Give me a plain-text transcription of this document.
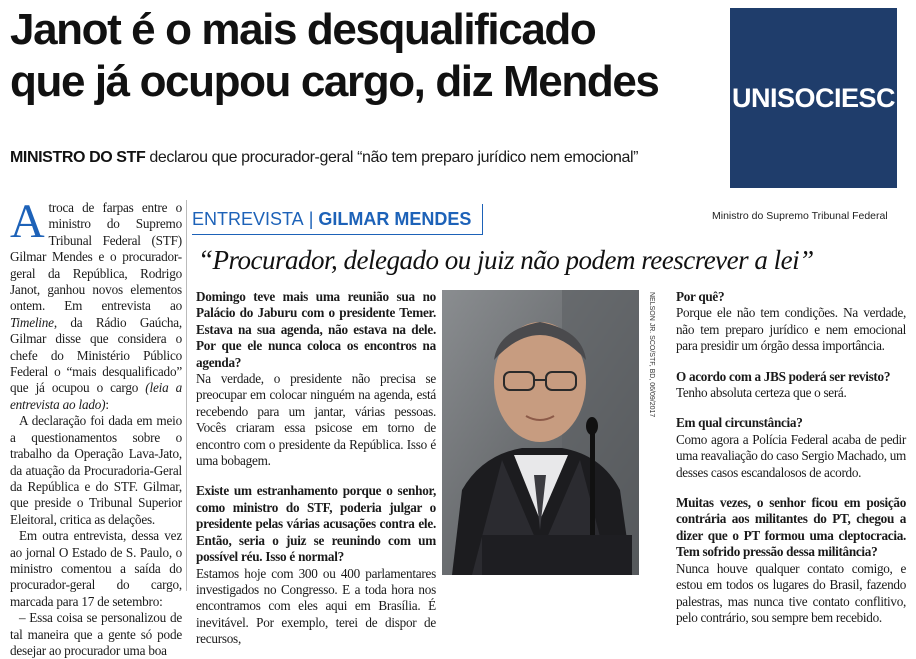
Janot é o mais desqualificado
que já ocupou cargo, diz Mendes	UNISOCIESC
MINISTRO DO STF declarou que procurador-geral “não tem preparo jurídico nem emocional”

Atroca de farpas entre o ministro do Supremo Tribunal Federal (STF) Gilmar Mendes e o procurador-geral da República, Rodrigo Janot, ganhou novos elementos ontem. Em entrevista ao Timeline, da Rádio Gaúcha, Gilmar disse que considera o chefe do Ministério Público Federal o “mais desqualificado” que já ocupou o cargo (leia a entrevista ao lado):

A declaração foi dada em meio a questionamentos sobre o trabalho da Operação Lava-Jato, da atuação da Procuradoria-Geral da República e do STF. Gilmar, que preside o Tribunal Superior Eleitoral, critica as delações.

Em outra entrevista, dessa vez ao jornal O Estado de S. Paulo, o ministro comentou a saída do procurador-geral do cargo, marcada para 17 de setembro:

– Essa coisa se personalizou de tal maneira que a gente só pode desejar ao procurador uma boa

ENTREVISTA | GILMAR MENDES	Ministro do Supremo Tribunal Federal
“Procurador, delegado ou juiz não podem reescrever a lei”

Domingo teve mais uma reunião sua no Palácio do Jaburu com o presidente Temer. Estava na sua agenda, não estava na dele. Por que ele nunca coloca os encontros na agenda?

Na verdade, o presidente não precisa se preocupar em colocar ninguém na agenda, está recebendo para um jantar, várias pessoas. Vocês criaram essa psicose em torno de encontro com o presidente da República. Isso é uma bobagem.

Existe um estranhamento porque o senhor, como ministro do STF, poderia julgar o presidente pelas várias acusações contra ele. Então, seria o juiz se reunindo com um possível réu. Isso é normal?

Estamos hoje com 300 ou 400 parlamentares investigados no Congresso. E a toda hora nos encontramos com eles aqui em Brasília. É inevitável. Por exemplo, terei de dispor de recursos,

NELSON JR. SCO/STF, BD, 06/09/2017 Por quê?

Porque ele não tem condições. Na verdade, não tem preparo jurídico e nem emocional para presidir um órgão dessa importância.

O acordo com a JBS poderá ser revisto?

Tenho absoluta certeza que o será.

Em qual circunstância?

Como agora a Polícia Federal acaba de pedir uma reavaliação do caso Sergio Machado, um desses casos escandalosos de acordo.

Muitas vezes, o senhor ficou em posição contrária aos militantes do PT, chegou a dizer que o PT formou uma cleptocracia. Tem sofrido pressão dessa militância?

Nunca houve qualquer contato comigo, e estou em todos os lugares do Brasil, fazendo palestras, mas nunca tive contato conflitivo, pelo contrário, sou sempre bem recebido.
